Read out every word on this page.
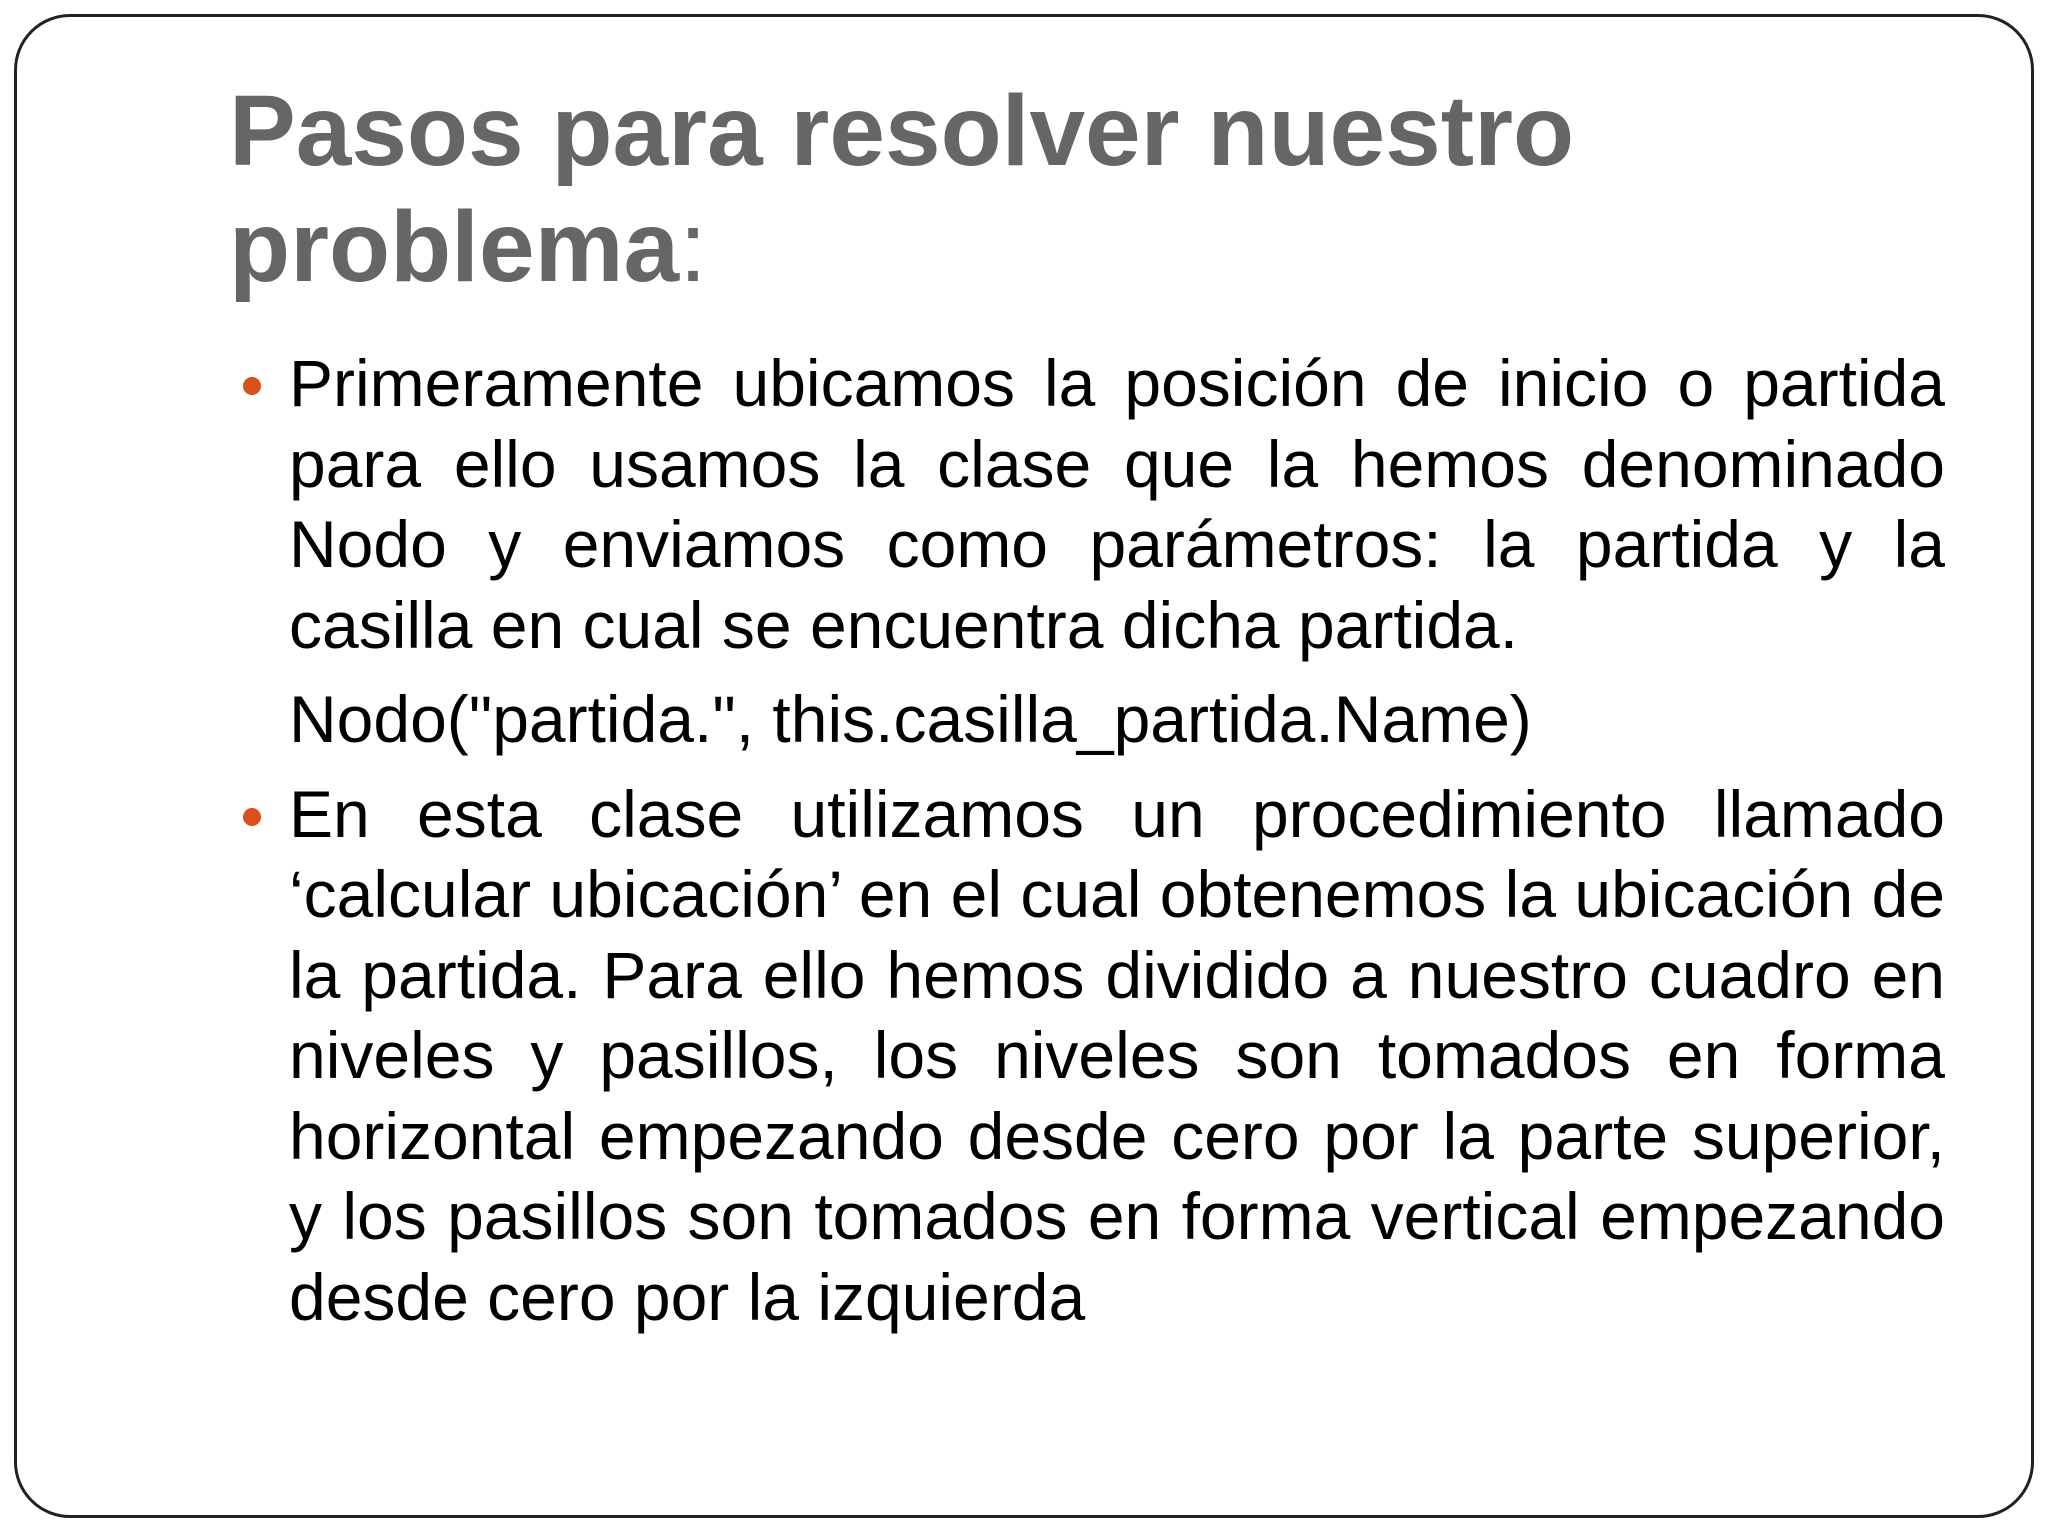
Pasos para resolver nuestro problema:

Primeramente ubicamos la posición de inicio o partida para ello usamos la clase que la hemos denominado Nodo y enviamos como parámetros: la partida y la casilla en cual se encuentra dicha partida.

Nodo("partida.", this.casilla_partida.Name)

En esta clase utilizamos un procedimiento llamado ‘calcular ubicación’ en el cual obtenemos la ubicación de la partida. Para ello hemos dividido a nuestro cuadro en niveles y pasillos, los niveles son tomados en forma horizontal empezando desde cero por la parte superior, y los pasillos son tomados en forma vertical empezando desde cero por la izquierda
